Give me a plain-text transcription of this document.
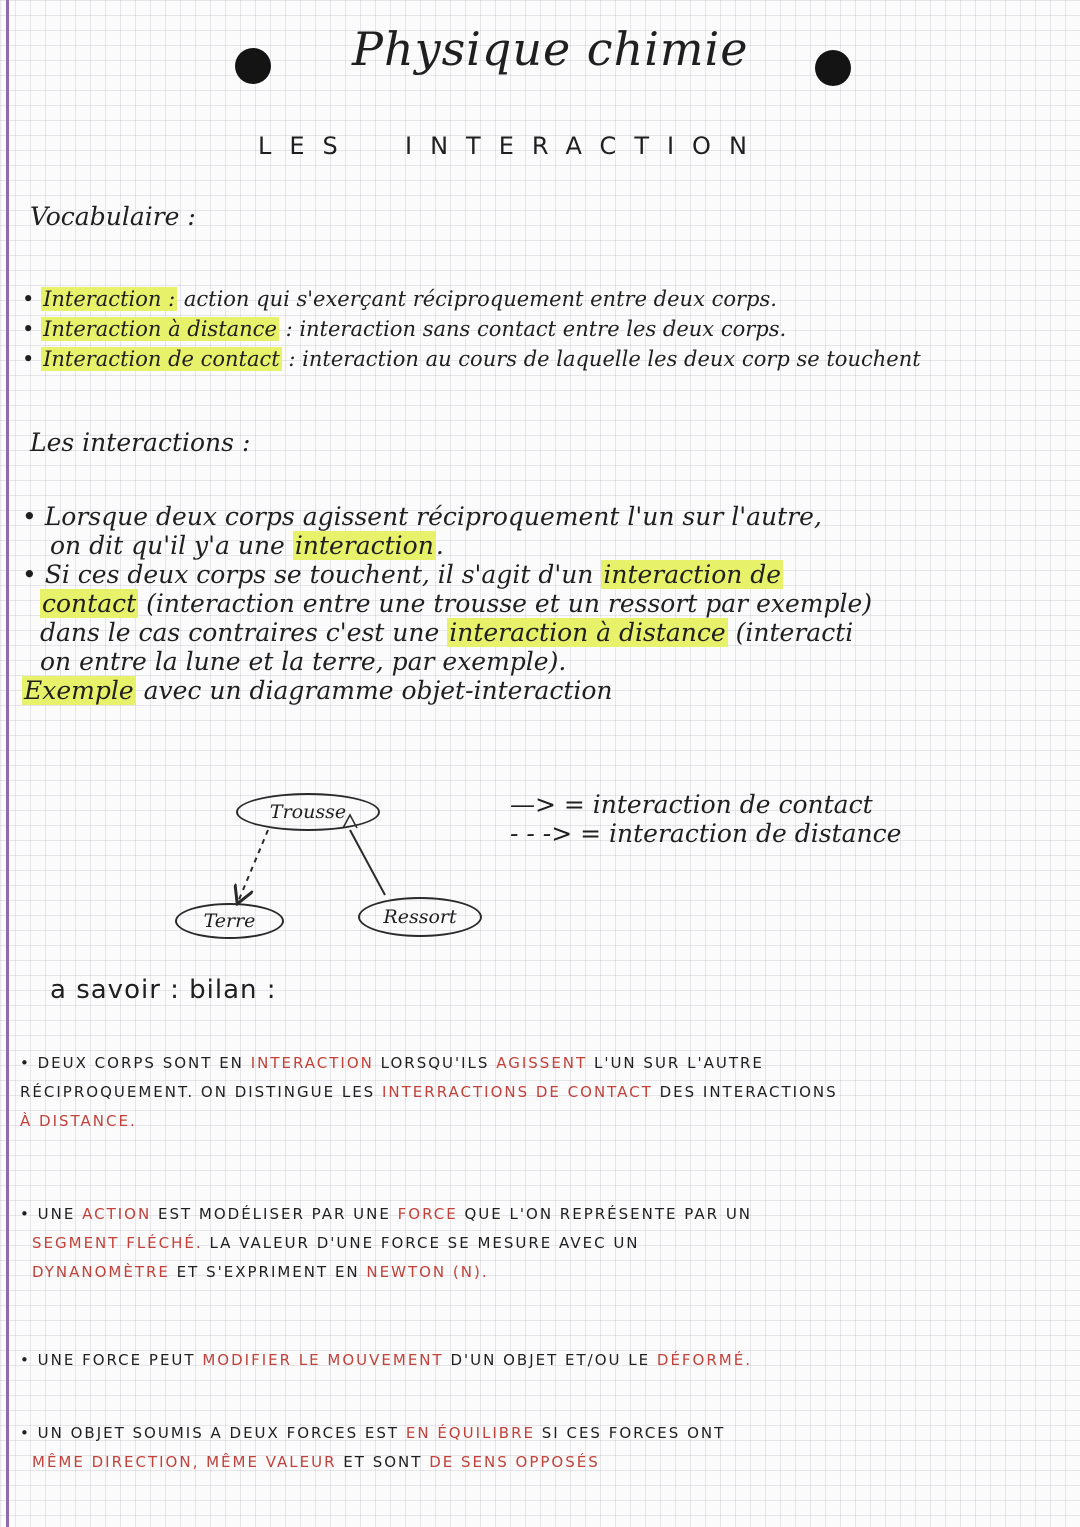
Physique chimie
LES INTERACTION
Vocabulaire :

• Interaction : action qui s'exerçant réciproquement entre deux corps.

• Interaction à distance : interaction sans contact entre les deux corps.

• Interaction de contact : interaction au cours de laquelle les deux corp se touchent

Les interactions :

• Lorsque deux corps agissent réciproquement l'un sur l'autre,

on dit qu'il y'a une interaction.

• Si ces deux corps se touchent, il s'agit d'un interaction de

contact (interaction entre une trousse et un ressort par exemple)

dans le cas contraires c'est une interaction à distance (interacti

on entre la lune et la terre, par exemple).

Exemple avec un diagramme objet-interaction

Trousse
Terre	Ressort

—> = interaction de contact

- - -> = interaction de distance

a savoir : bilan :

• DEUX CORPS SONT EN INTERACTION LORSQU'ILS AGISSENT L'UN SUR L'AUTRE

RÉCIPROQUEMENT. ON DISTINGUE LES INTERRACTIONS DE CONTACT DES INTERACTIONS

À DISTANCE.

• UNE ACTION EST MODÉLISER PAR UNE FORCE QUE L'ON REPRÉSENTE PAR UN

SEGMENT FLÉCHÉ. LA VALEUR D'UNE FORCE SE MESURE AVEC UN

DYNANOMÈTRE ET S'EXPRIMENT EN NEWTON (N).

• UNE FORCE PEUT MODIFIER LE MOUVEMENT D'UN OBJET ET/OU LE DÉFORMÉ.

• UN OBJET SOUMIS A DEUX FORCES EST EN ÉQUILIBRE SI CES FORCES ONT

MÊME DIRECTION, MÊME VALEUR ET SONT DE SENS OPPOSÉS
